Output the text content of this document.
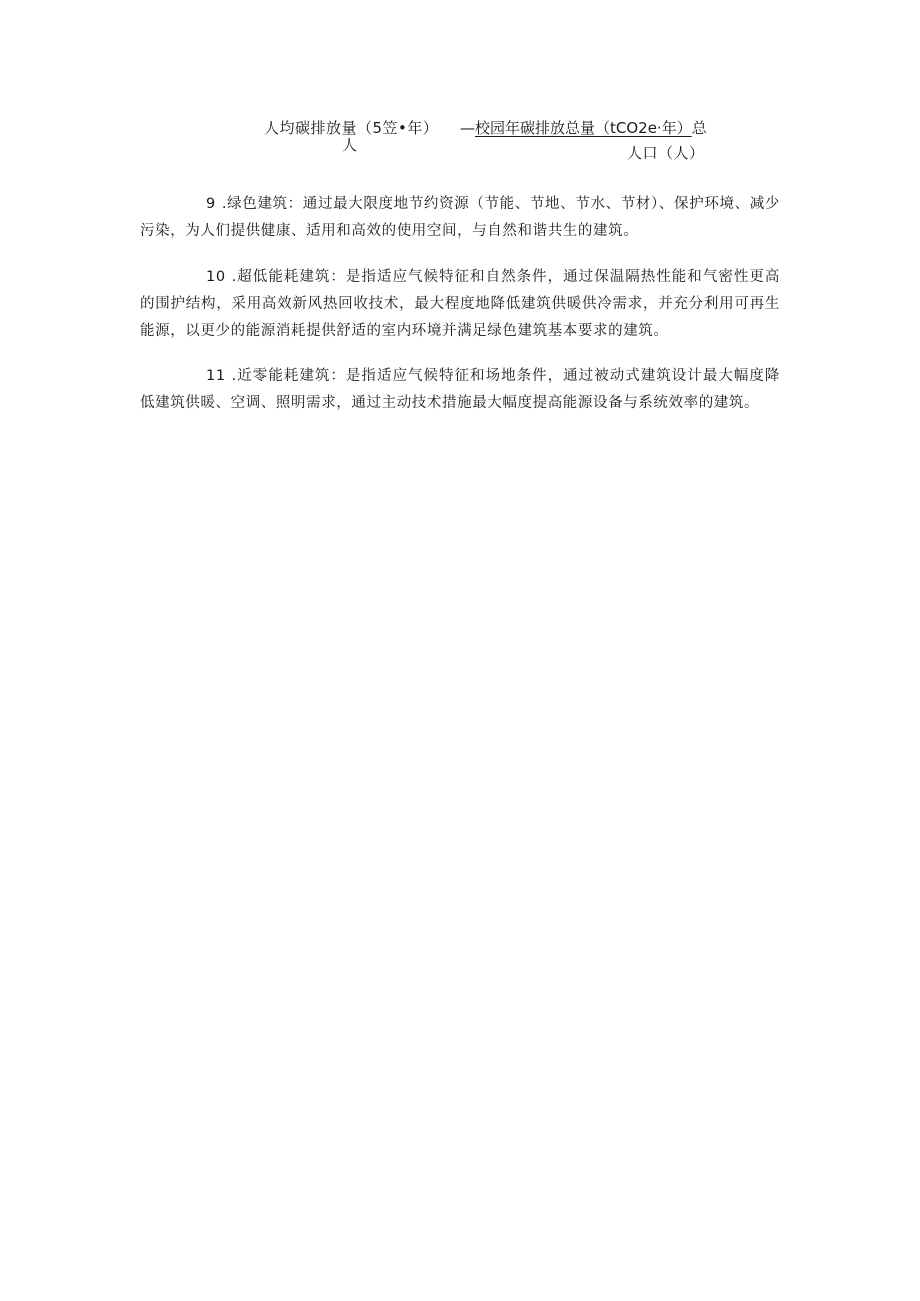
人均碳排放量（5笠•年）
人
—校园年碳排放总量（tCO2e·年）总
人口（人）

9 .绿色建筑：通过最大限度地节约资源（节能、节地、节水、节材）、保护环境、减少污染，为人们提供健康、适用和高效的使用空间，与自然和谐共生的建筑。

10 .超低能耗建筑：是指适应气候特征和自然条件，通过保温隔热性能和气密性更高的围护结构，采用高效新风热回收技术，最大程度地降低建筑供暖供冷需求，并充分利用可再生能源，以更少的能源消耗提供舒适的室内环境并满足绿色建筑基本要求的建筑。

11 .近零能耗建筑：是指适应气候特征和场地条件，通过被动式建筑设计最大幅度降低建筑供暖、空调、照明需求，通过主动技术措施最大幅度提高能源设备与系统效率的建筑。
